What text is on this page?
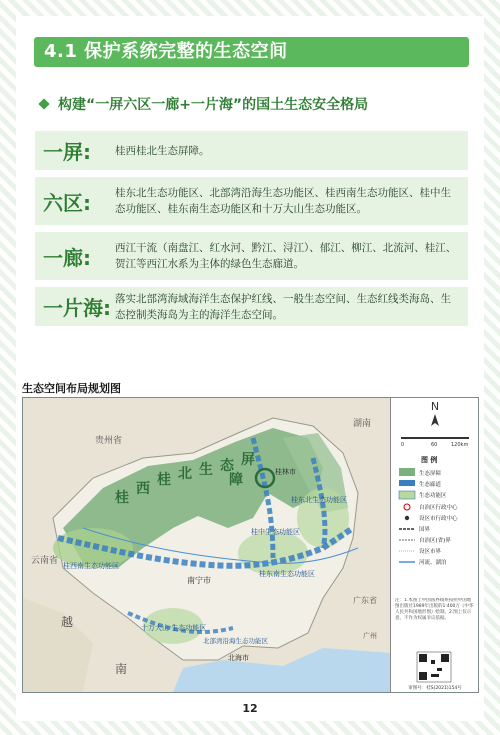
4.1 保护系统完整的生态空间
构建“一屏六区一廊+一片海”的国土生态安全格局
一屏:	桂西桂北生态屏障。
六区:	桂东北生态功能区、北部湾沿海生态功能区、桂西南生态功能区、桂中生态功能区、桂东南生态功能区和十万大山生态功能区。
一廊:	西江干流（南盘江、红水河、黔江、浔江）、郁江、柳江、北流河、桂江、贺江等西江水系为主体的绿色生态廊道。
一片海: 落实北部湾海域海洋生态保护红线、一般生态空间、生态红线类海岛、生态控制类海岛为主的海洋生态空间。
生态空间布局规划图
贵州省
湖南
云南省
越
南
广东省
桂
西
桂 北 生 态 屏
障	桂林市
南宁市
桂东北生态功能区
桂西南生态功能区
桂中生态功能区
桂东南生态功能区
十万大山 生态功能区
北部湾沿海生态功能区
北海市
广州
N
0	60	120km
图 例
生态屏障
生态廊道
生态功能区
自治区行政中心
设区市行政中心
国界
自治区(省)界
设区市界
河流、湖泊
注：1.本图上中国国界线系按照中国地图出版社1989年出版的1:400万《中华人民共和国地形图》绘制。2.图上仅示意，不作为权属争议依据。
审图号：桂S(2021)154号
12
